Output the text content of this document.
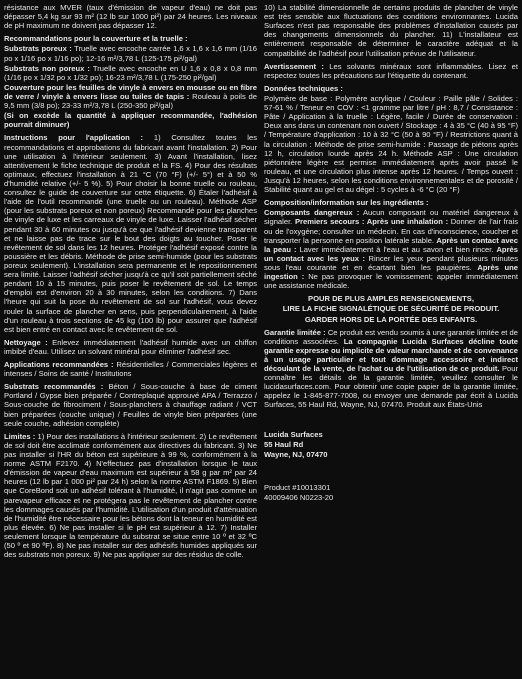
résistance aux MVER (taux d'émission de vapeur d'eau) ne doit pas dépasser 5,4 kg sur 93 m² (12 lb sur 1000 pi²) par 24 heures. Les niveaux de pH maximum ne doivent pas dépasser 12.

Recommandations pour la couverture et la truelle :

Substrats poreux : Truelle avec encoche carrée 1,6 x 1,6 x 1,6 mm (1/16 po x 1/16 po x 1/16 po); 12-16 m²/3,78 L (125-175 pi²/gal)

Substrats non poreux : Truelle avec encoche en U 1,6 x 0,8 x 0,8 mm (1/16 po x 1/32 po x 1/32 po); 16-23 m²/3,78 L (175-250 pi²/gal)

Couverture pour les feuilles de vinyle à envers en mousse ou en fibre de verre / vinyle à envers lisse ou tuiles de tapis : Rouleau à poils de 9,5 mm (3/8 po); 23-33 m²/3,78 L (250-350 pi²/gal)

(Si on excède la quantité à appliquer recommandée, l'adhésion pourrait diminuer)

Instructions pour l'application : 1) Consultez toutes les recommandations et approbations du fabricant avant l'installation. 2) Pour une utilisation à l'intérieur seulement. 3) Avant l'installation, lisez attentivement le fiche technique de produit et la FS. 4) Pour des résultats optimaux, effectuez l'installation à 21 °C (70 °F) (+/- 5°) et à 50 % d'humidité relative (+/- 5 %). 5) Pour choisir la bonne truelle ou rouleau, consultez le guide de couverture sur cette étiquette. 6) Étaler l'adhésif à l'aide de l'outil recommandé (une truelle ou un rouleau). Méthode ASP (pour les substrats poreux et non poreux) Recommandé pour les planches de vinyle de luxe et les carreaux de vinyle de luxe. Laisser l'adhésif sécher pendant 30 à 60 minutes ou jusqu'à ce que l'adhésif devienne transparent et ne laisse pas de trace sur le bout des doigts au toucher. Poser le revêtement de sol dans les 12 heures. Protéger l'adhésif exposé contre la poussière et les débris. Méthode de prise semi-humide (pour les substrats poreux seulement). L'installation sera permanente et le repositionnement sera limité. Laisser l'adhésif sécher jusqu'à ce qu'il soit partiellement séché pendant 10 à 15 minutes, puis poser le revêtement de sol. Le temps d'emploi est d'environ 20 à 30 minutes, selon les conditions. 7) Dans l'heure qui suit la pose du revêtement de sol sur l'adhésif, vous devez rouler la surface de plancher en sens, puis perpendiculairement, à l'aide d'un rouleau à trois sections de 45 kg (100 lb) pour assurer que l'adhésif est bien entré en contact avec le revêtement de sol.

Nettoyage : Enlevez immédiatement l'adhésif humide avec un chiffon imbibé d'eau. Utilisez un solvant minéral pour éliminer l'adhésif sec.

Applications recommandées : Résidentielles / Commerciales légères et intenses / Soins de santé / Institutions

Substrats recommandés : Béton / Sous-couche à base de ciment Portland / Gypse bien préparée / Contreplaqué approuvé APA / Terrazzo / Sous-couche de fibrociment / Sous-planchers à chauffage radiant / VCT bien préparées (couche unique) / Feuilles de vinyle bien préparées (une seule couche, adhésion complète)

Limites : 1) Pour des installations à l'intérieur seulement. 2) Le revêtement de sol doit être acclimaté conformément aux directives du fabricant. 3) Ne pas installer si l'HR du béton est supérieure à 99 %, conformément à la norme ASTM F2170. 4) N'effectuez pas d'installation lorsque le taux d'émission de vapeur d'eau maximum est supérieur à 58 g par m² par 24 heures (12 lb par 1 000 pi² par 24 h) selon la norme ASTM F1869. 5) Bien que CoreBond soit un adhésif tolérant à l'humidité, il n'agit pas comme un parevapeur efficace et ne protégera pas le revêtement de plancher contre les dommages causés par l'humidité. L'utilisation d'un produit d'atténuation de l'humidité être nécessaire pour les bétons dont la teneur en humidité est plus élevée. 6) Ne pas installer si le pH est supérieur à 12. 7) Installer seulement lorsque la température du substrat se situe entre 10 º et 32 ºC (50 º et 90 ºF). 8) Ne pas installer sur des adhésifs humides appliqués sur des substrats non poreux. 9) Ne pas appliquer sur des résidus de colle.

10) La stabilité dimensionnelle de certains produits de plancher de vinyle est très sensible aux fluctuations des conditions environnantes. Lucida Surfaces n'est pas responsable des problèmes d'installation causés par des changements dimensionnels du plancher. 11) L'installateur est entièrement responsable de déterminer le caractère adéquat et la compatibilité de l'adhésif pour l'utilisation prévue de l'utilisateur.

Avertissement : Les solvants minéraux sont inflammables. Lisez et respectez toutes les précautions sur l'étiquette du contenant.

Données techniques :

Polymère de base : Polymère acrylique / Couleur : Paille pâle / Solides : 57-61 % / Teneur en COV : <1 gramme par litre / pH : 8,7 / Consistance : Pâte / Application à la truelle : Légère, facile / Durée de conservation : Deux ans dans un contenant non ouvert / Stockage : 4 à 35 °C (40 à 95 °F) / Température d'application : 10 à 32 °C (50 à 90 °F) / Restrictions quant à la circulation : Méthode de prise semi-humide : Passage de piétons après 12 h, circulation lourde après 24 h. Méthode ASP : Une circulation piétonnière légère est permise immédiatement après avoir passé le rouleau, et une circulation plus intense après 12 heures. / Temps ouvert : Jusqu'à 12 heures, selon les conditions environnementales et de porosité / Stabilité quant au gel et au dégel : 5 cycles à -6 °C (20 °F)

Composition/information sur les ingrédients :

Composants dangereux : Aucun composant ou matériel dangereux à signaler. Premiers secours : Après une inhalation : Donner de l'air frais ou de l'oxygène; consulter un médecin. En cas d'inconscience, coucher et transporter la personne en position latérale stable. Après un contact avec la peau : Laver immédiatement à l'eau et au savon et bien rincer. Après un contact avec les yeux : Rincer les yeux pendant plusieurs minutes sous l'eau courante et en écartant bien les paupières. Après une ingestion : Ne pas provoquer le vomissement; appeler immédiatement une assistance médicale.

POUR DE PLUS AMPLES RENSEIGNEMENTS,

LIRE LA FICHE SIGNALÉTIQUE DE SÉCURITÉ DE PRODUIT.

GARDER HORS DE LA PORTÉE DES ENFANTS.

Garantie limitée : Ce produit est vendu soumis à une garantie limitée et de conditions associées. La compagnie Lucida Surfaces décline toute garantie expresse ou implicite de valeur marchande et de convenance à un usage particulier et tout dommage accessoire et indirect découlant de la vente, de l'achat ou de l'utilisation de ce produit. Pour connaître les détails de la garantie limitée, veuillez consulter le lucidasurfaces.com. Pour obtenir une copie papier de la garantie limitée, appelez le 1-845-877-7008, ou envoyer une demande par écrit à Lucida Surfaces, 55 Haul Rd, Wayne, NJ, 07470. Produit aux États-Unis

Lucida Surfaces

55 Haul Rd

Wayne, NJ, 07470

Product #10013301

40009406 N0223-20
